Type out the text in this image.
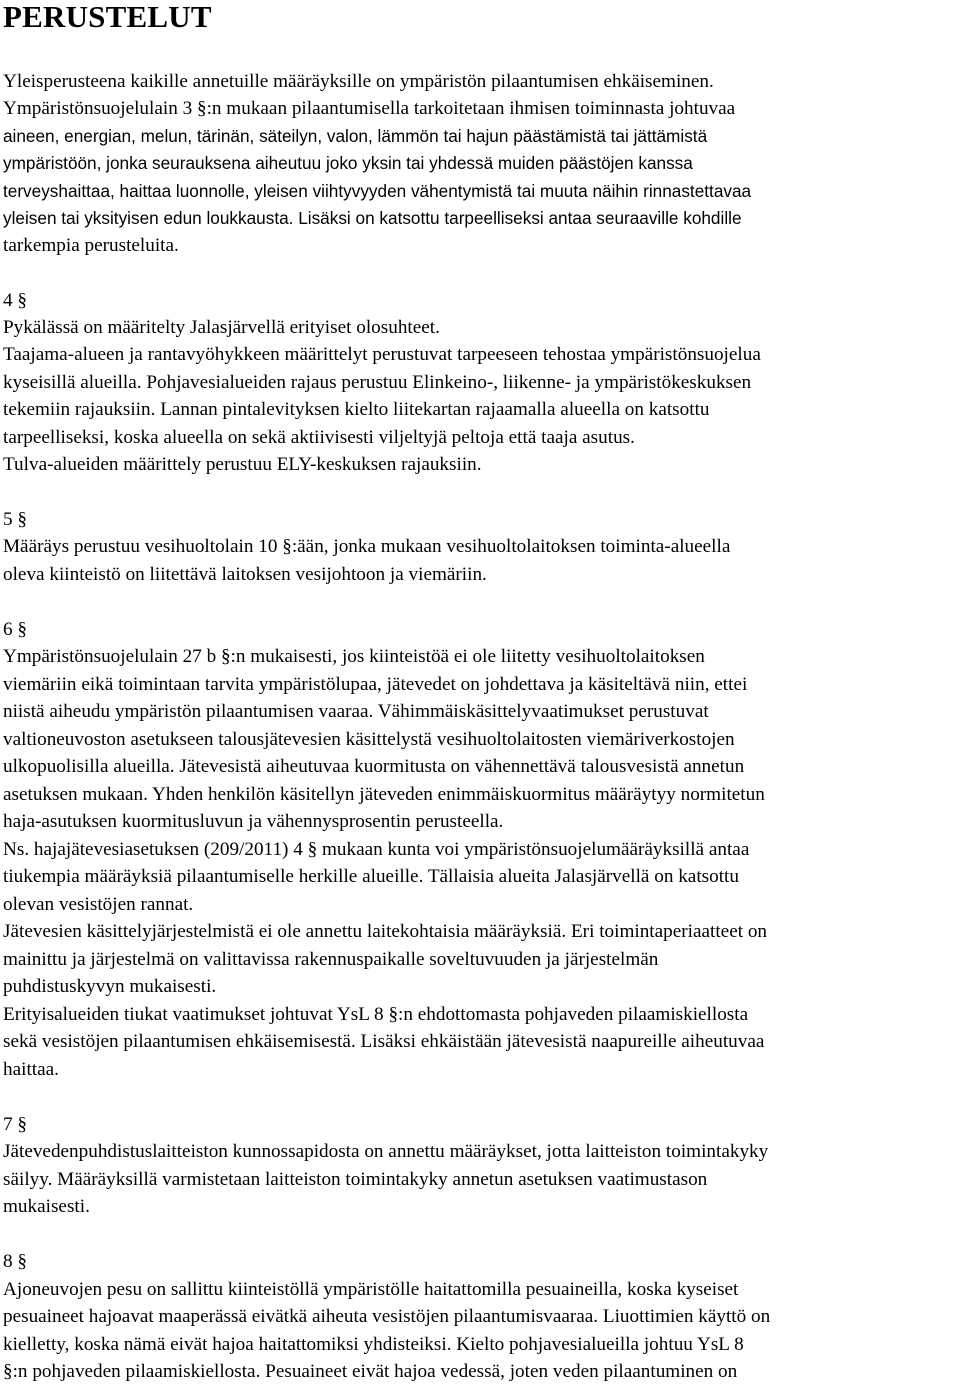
PERUSTELUT
Yleisperusteena kaikille annetuille määräyksille on ympäristön pilaantumisen ehkäiseminen.
Ympäristönsuojelulain 3 §:n mukaan pilaantumisella tarkoitetaan ihmisen toiminnasta johtuvaa
aineen, energian, melun, tärinän, säteilyn, valon, lämmön tai hajun päästämistä tai jättämistä
ympäristöön, jonka seurauksena aiheutuu joko yksin tai yhdessä muiden päästöjen kanssa
terveyshaittaa, haittaa luonnolle, yleisen viihtyvyyden vähentymistä tai muuta näihin rinnastettavaa
yleisen tai yksityisen edun loukkausta. Lisäksi on katsottu tarpeelliseksi antaa seuraaville kohdille
tarkempia perusteluita.
4 §
Pykälässä on määritelty Jalasjärvellä erityiset olosuhteet.
Taajama-alueen ja rantavyöhykkeen määrittelyt perustuvat tarpeeseen tehostaa ympäristönsuojelua
kyseisillä alueilla. Pohjavesialueiden rajaus perustuu Elinkeino-, liikenne- ja ympäristökeskuksen
tekemiin rajauksiin. Lannan pintalevityksen kielto liitekartan rajaamalla alueella on katsottu
tarpeelliseksi, koska alueella on sekä aktiivisesti viljeltyjä peltoja että taaja asutus.
Tulva-alueiden määrittely perustuu ELY-keskuksen rajauksiin.
5 §
Määräys perustuu vesihuoltolain 10 §:ään, jonka mukaan vesihuoltolaitoksen toiminta-alueella
oleva kiinteistö on liitettävä laitoksen vesijohtoon ja viemäriin.
6 §
Ympäristönsuojelulain 27 b §:n mukaisesti, jos kiinteistöä ei ole liitetty vesihuoltolaitoksen
viemäriin eikä toimintaan tarvita ympäristölupaa, jätevedet on johdettava ja käsiteltävä niin, ettei
niistä aiheudu ympäristön pilaantumisen vaaraa. Vähimmäiskäsittelyvaatimukset perustuvat
valtioneuvoston asetukseen talousjätevesien käsittelystä vesihuoltolaitosten viemäriverkostojen
ulkopuolisilla alueilla. Jätevesistä aiheutuvaa kuormitusta on vähennettävä talousvesistä annetun
asetuksen mukaan. Yhden henkilön käsitellyn jäteveden enimmäiskuormitus määräytyy normitetun
haja-asutuksen kuormitusluvun ja vähennysprosentin perusteella.
Ns. hajajätevesiasetuksen (209/2011) 4 § mukaan kunta voi ympäristönsuojelumääräyksillä antaa
tiukempia määräyksiä pilaantumiselle herkille alueille. Tällaisia alueita Jalasjärvellä on katsottu
olevan vesistöjen rannat.
Jätevesien käsittelyjärjestelmistä ei ole annettu laitekohtaisia määräyksiä. Eri toimintaperiaatteet on
mainittu ja järjestelmä on valittavissa rakennuspaikalle soveltuvuuden ja järjestelmän
puhdistuskyvyn mukaisesti.
Erityisalueiden tiukat vaatimukset johtuvat YsL 8 §:n ehdottomasta pohjaveden pilaamiskiellosta
sekä vesistöjen pilaantumisen ehkäisemisestä. Lisäksi ehkäistään jätevesistä naapureille aiheutuvaa
haittaa.
7 §
Jätevedenpuhdistuslaitteiston kunnossapidosta on annettu määräykset, jotta laitteiston toimintakyky
säilyy. Määräyksillä varmistetaan laitteiston toimintakyky annetun asetuksen vaatimustason
mukaisesti.
8 §
Ajoneuvojen pesu on sallittu kiinteistöllä ympäristölle haitattomilla pesuaineilla, koska kyseiset
pesuaineet hajoavat maaperässä eivätkä aiheuta vesistöjen pilaantumisvaaraa. Liuottimien käyttö on
kielletty, koska nämä eivät hajoa haitattomiksi yhdisteiksi. Kielto pohjavesialueilla johtuu YsL 8
§:n pohjaveden pilaamiskiellosta. Pesuaineet eivät hajoa vedessä, joten veden pilaantuminen on
